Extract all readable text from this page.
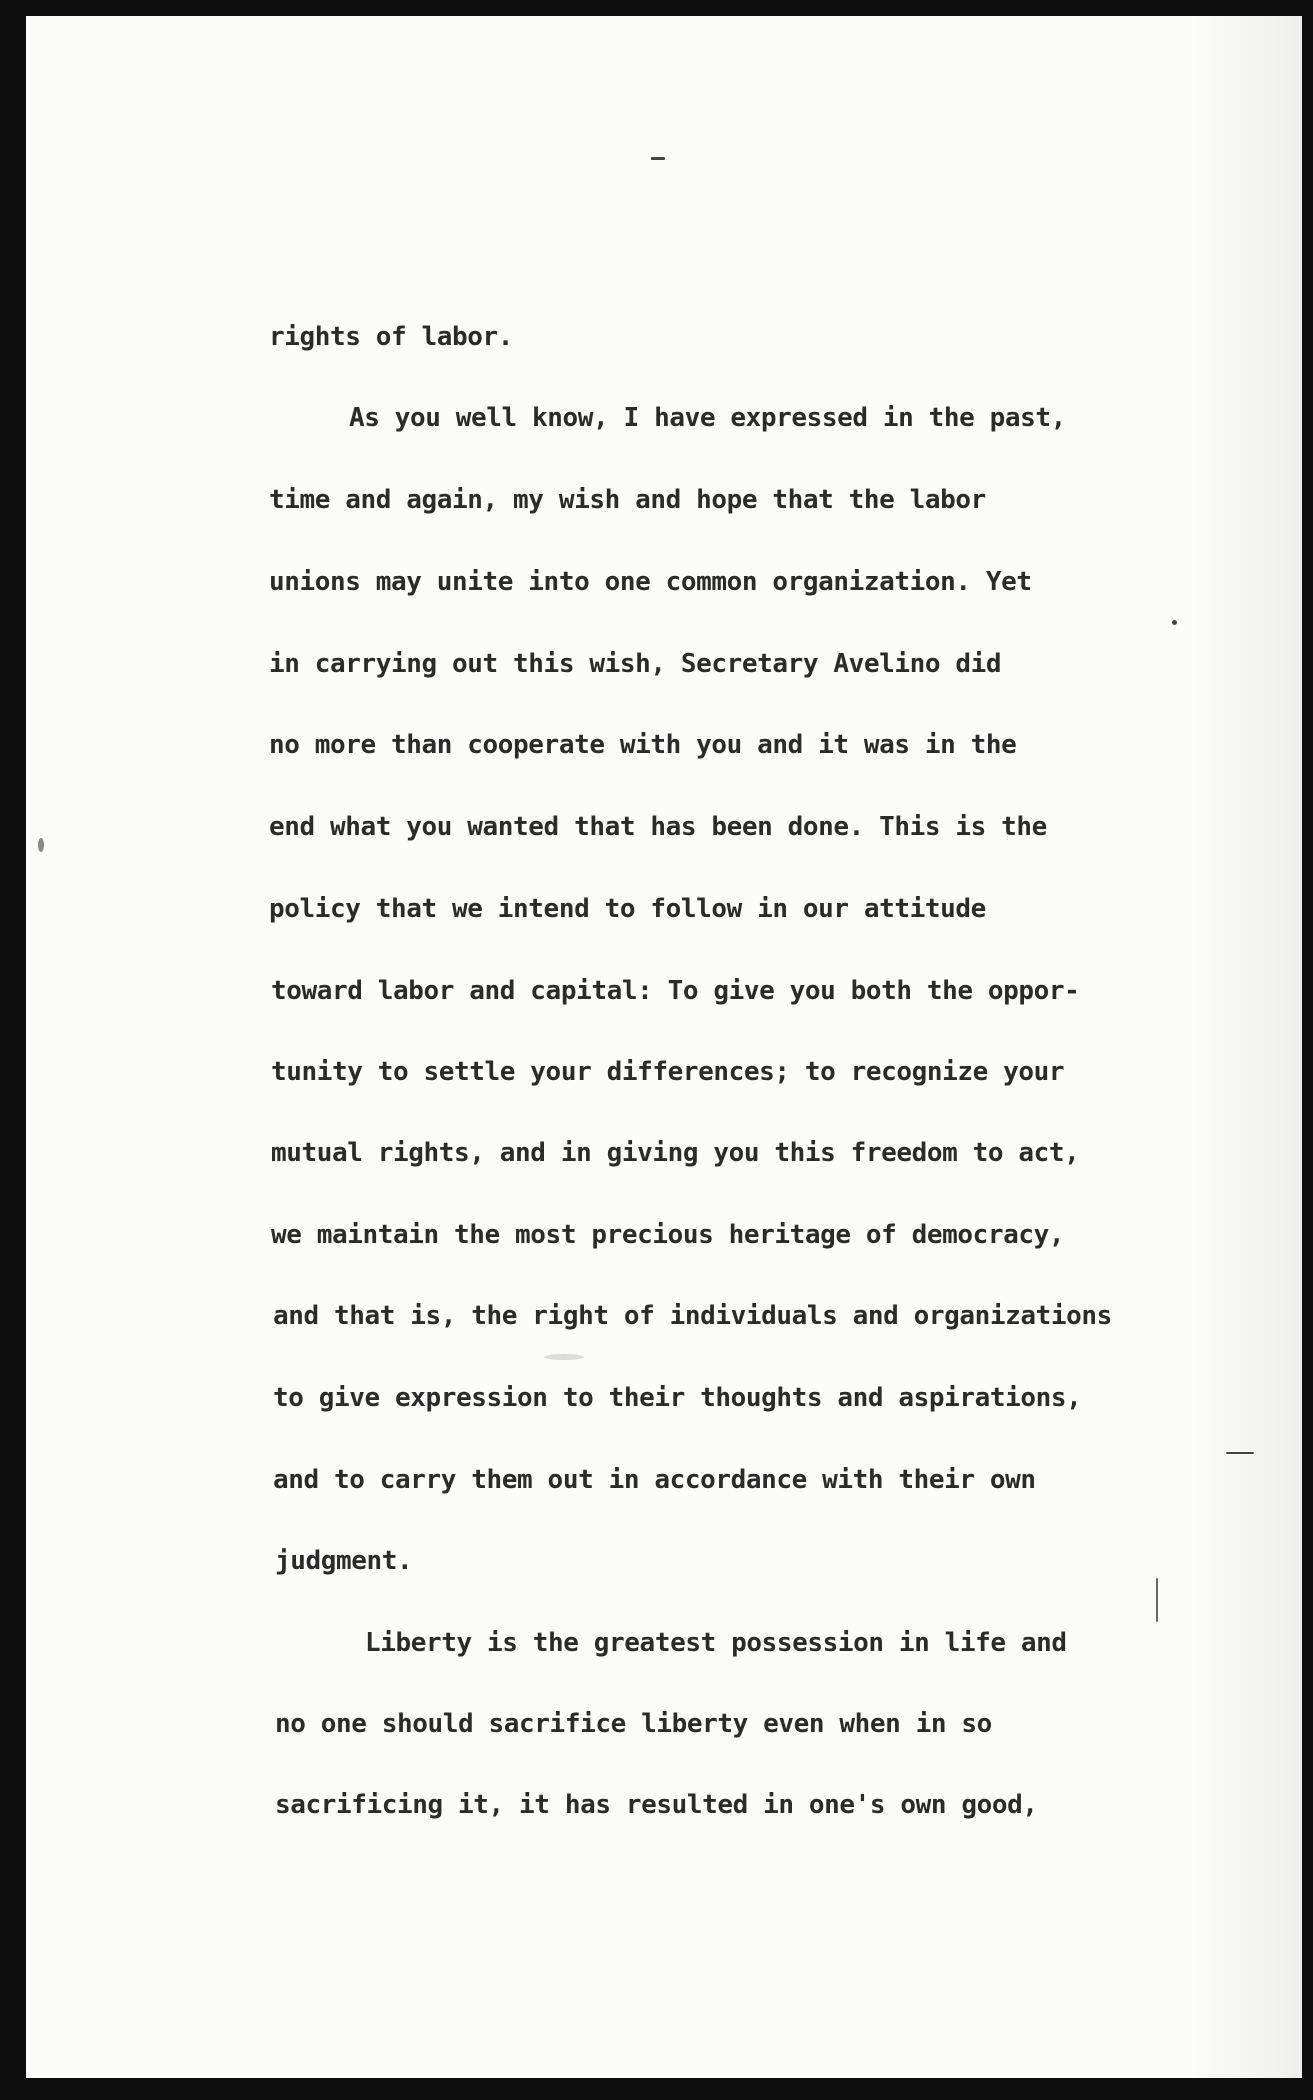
rights of labor.
As you well know, I have expressed in the past,
time and again, my wish and hope that the labor
unions may unite into one common organization. Yet
in carrying out this wish, Secretary Avelino did
no more than cooperate with you and it was in the
end what you wanted that has been done. This is the
policy that we intend to follow in our attitude
toward labor and capital: To give you both the oppor-
tunity to settle your differences; to recognize your
mutual rights, and in giving you this freedom to act,
we maintain the most precious heritage of democracy,
and that is, the right of individuals and organizations
to give expression to their thoughts and aspirations,
and to carry them out in accordance with their own
judgment.
Liberty is the greatest possession in life and
no one should sacrifice liberty even when in so
sacrificing it, it has resulted in one's own good,
